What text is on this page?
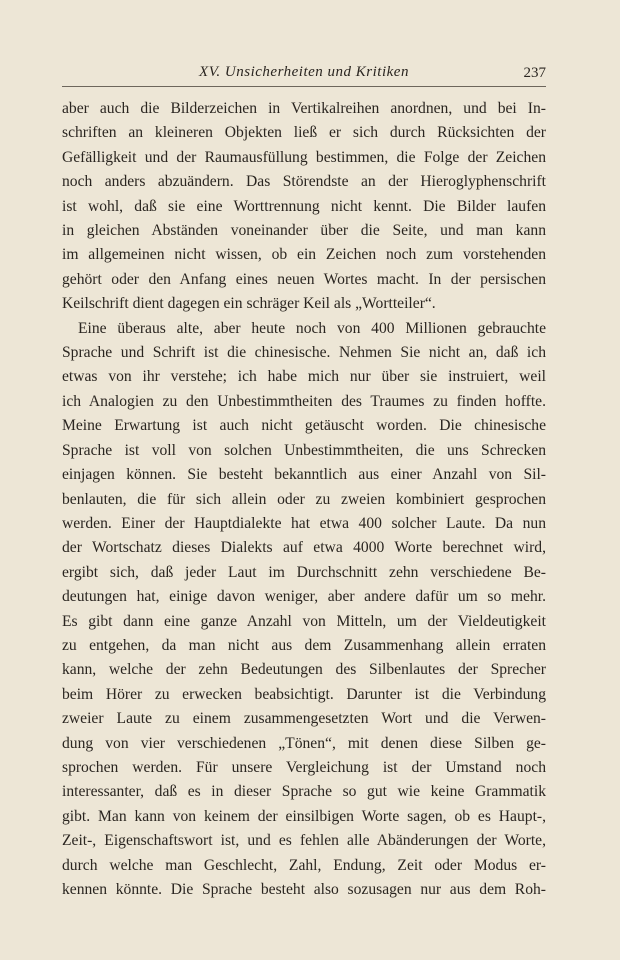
XV. Unsicherheiten und Kritiken	237
aber auch die Bilderzeichen in Vertikalreihen anordnen, und bei In-
schriften an kleineren Objekten ließ er sich durch Rücksichten der
Gefälligkeit und der Raumausfüllung bestimmen, die Folge der Zeichen
noch anders abzuändern. Das Störendste an der Hieroglyphenschrift
ist wohl, daß sie eine Worttrennung nicht kennt. Die Bilder laufen
in gleichen Abständen voneinander über die Seite, und man kann
im allgemeinen nicht wissen, ob ein Zeichen noch zum vorstehenden
gehört oder den Anfang eines neuen Wortes macht. In der persischen
Keilschrift dient dagegen ein schräger Keil als „Wortteiler“.
Eine überaus alte, aber heute noch von 400 Millionen gebrauchte
Sprache und Schrift ist die chinesische. Nehmen Sie nicht an, daß ich
etwas von ihr verstehe; ich habe mich nur über sie instruiert, weil
ich Analogien zu den Unbestimmtheiten des Traumes zu finden hoffte.
Meine Erwartung ist auch nicht getäuscht worden. Die chinesische
Sprache ist voll von solchen Unbestimmtheiten, die uns Schrecken
einjagen können. Sie besteht bekanntlich aus einer Anzahl von Sil-
benlauten, die für sich allein oder zu zweien kombiniert gesprochen
werden. Einer der Hauptdialekte hat etwa 400 solcher Laute. Da nun
der Wortschatz dieses Dialekts auf etwa 4000 Worte berechnet wird,
ergibt sich, daß jeder Laut im Durchschnitt zehn verschiedene Be-
deutungen hat, einige davon weniger, aber andere dafür um so mehr.
Es gibt dann eine ganze Anzahl von Mitteln, um der Vieldeutigkeit
zu entgehen, da man nicht aus dem Zusammenhang allein erraten
kann, welche der zehn Bedeutungen des Silbenlautes der Sprecher
beim Hörer zu erwecken beabsichtigt. Darunter ist die Verbindung
zweier Laute zu einem zusammengesetzten Wort und die Verwen-
dung von vier verschiedenen „Tönen“, mit denen diese Silben ge-
sprochen werden. Für unsere Vergleichung ist der Umstand noch
interessanter, daß es in dieser Sprache so gut wie keine Grammatik
gibt. Man kann von keinem der einsilbigen Worte sagen, ob es Haupt-,
Zeit-, Eigenschaftswort ist, und es fehlen alle Abänderungen der Worte,
durch welche man Geschlecht, Zahl, Endung, Zeit oder Modus er-
kennen könnte. Die Sprache besteht also sozusagen nur aus dem Roh-
